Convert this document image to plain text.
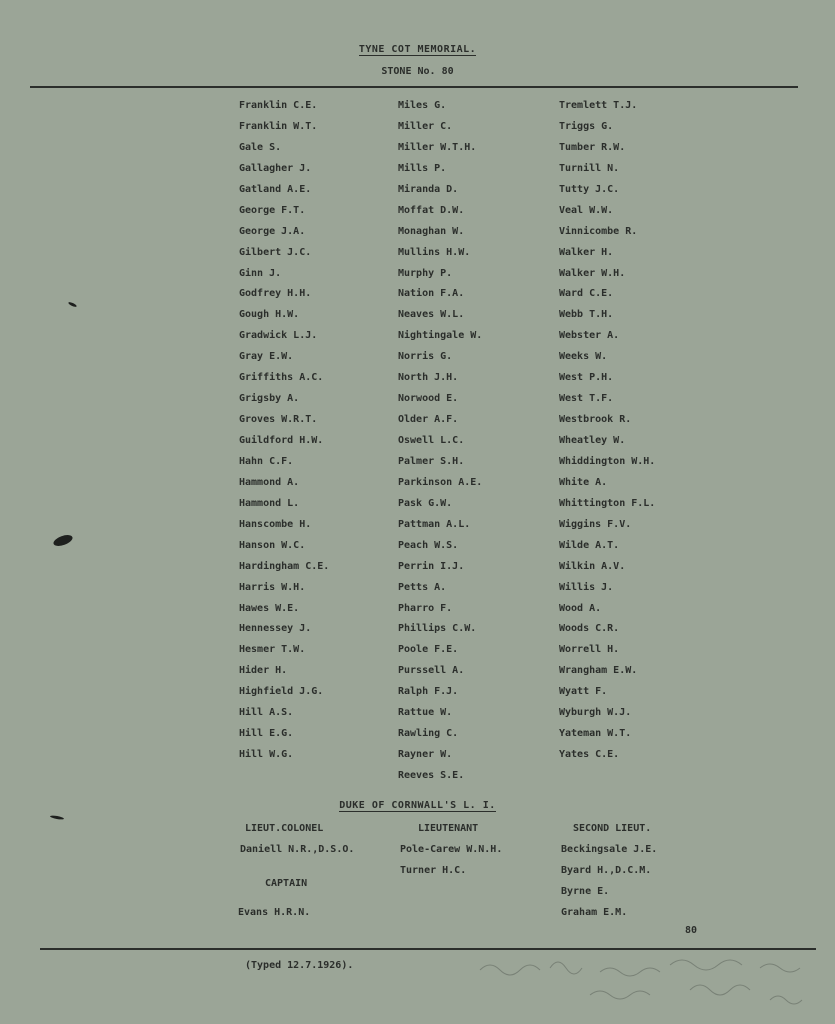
TYNE COT MEMORIAL.
STONE No. 80
Franklin C.E.
Franklin W.T.
Gale S.
Gallagher J.
Gatland A.E.
George F.T.
George J.A.
Gilbert J.C.
Ginn J.
Godfrey H.H.
Gough H.W.
Gradwick L.J.
Gray E.W.
Griffiths A.C.
Grigsby A.
Groves W.R.T.
Guildford H.W.
Hahn C.F.
Hammond A.
Hammond L.
Hanscombe H.
Hanson W.C.
Hardingham C.E.
Harris W.H.
Hawes W.E.
Hennessey J.
Hesmer T.W.
Hider H.
Highfield J.G.
Hill A.S.
Hill E.G.
Hill W.G.
Miles G.
Miller C.
Miller W.T.H.
Mills P.
Miranda D.
Moffat D.W.
Monaghan W.
Mullins H.W.
Murphy P.
Nation F.A.
Neaves W.L.
Nightingale W.
Norris G.
North J.H.
Norwood E.
Older A.F.
Oswell L.C.
Palmer S.H.
Parkinson A.E.
Pask G.W.
Pattman A.L.
Peach W.S.
Perrin I.J.
Petts A.
Pharro F.
Phillips C.W.
Poole F.E.
Purssell A.
Ralph F.J.
Rattue W.
Rawling C.
Rayner W.
Reeves S.E.
Tremlett T.J.
Triggs G.
Tumber R.W.
Turnill N.
Tutty J.C.
Veal W.W.
Vinnicombe R.
Walker H.
Walker W.H.
Ward C.E.
Webb T.H.
Webster A.
Weeks W.
West P.H.
West T.F.
Westbrook R.
Wheatley W.
Whiddington W.H.
White A.
Whittington F.L.
Wiggins F.V.
Wilde A.T.
Wilkin A.V.
Willis J.
Wood A.
Woods C.R.
Worrell H.
Wrangham E.W.
Wyatt F.
Wyburgh W.J.
Yateman W.T.
Yates C.E.
DUKE OF CORNWALL'S L. I.
LIEUT.COLONEL
Daniell N.R.,D.S.O.
LIEUTENANT
Pole-Carew W.N.H.
Turner H.C.
SECOND LIEUT.
Beckingsale J.E.
Byard H.,D.C.M.
Byrne E.
Graham E.M.
CAPTAIN
Evans H.R.N.
80
(Typed 12.7.1926).
